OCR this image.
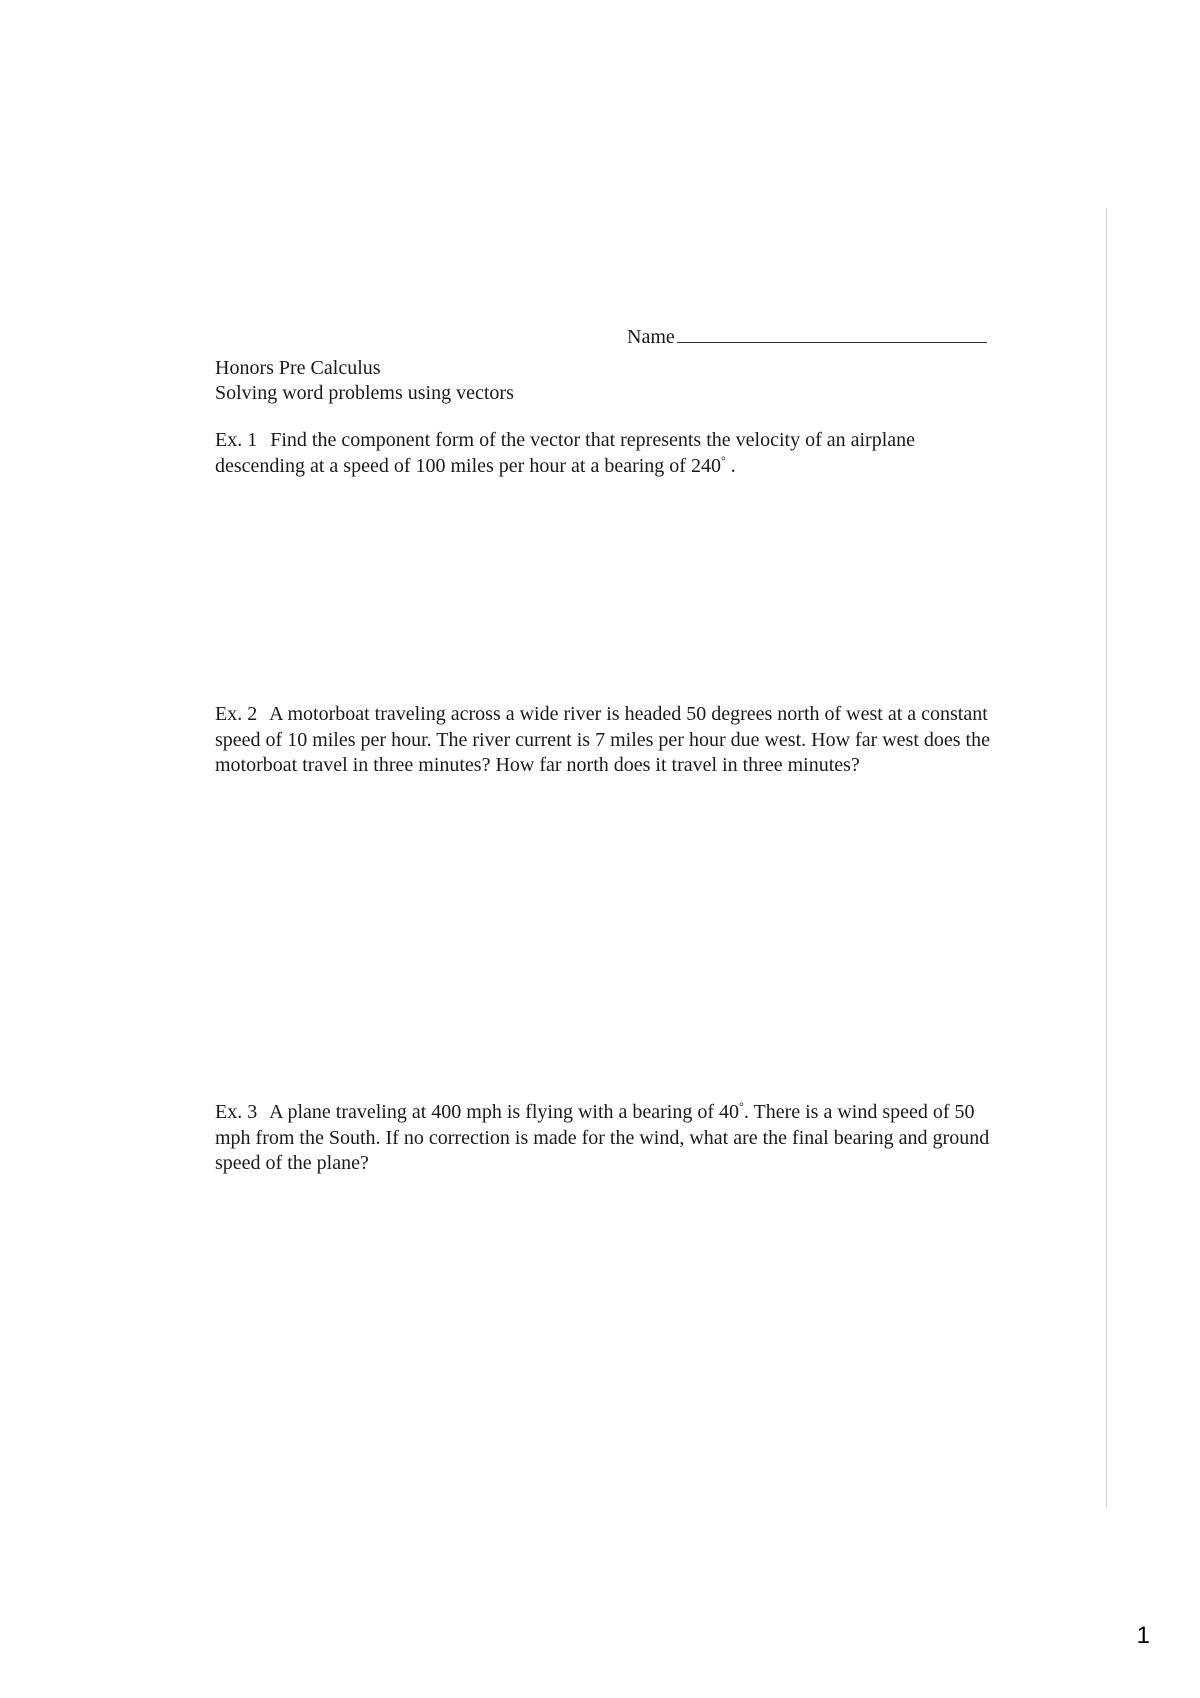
Name
Honors Pre Calculus
Solving word problems using vectors
Ex. 1 Find the component form of the vector that represents the velocity of an airplane descending at a speed of 100 miles per hour at a bearing of 240° .
Ex. 2 A motorboat traveling across a wide river is headed 50 degrees north of west at a constant speed of 10 miles per hour. The river current is 7 miles per hour due west. How far west does the motorboat travel in three minutes? How far north does it travel in three minutes?
Ex. 3 A plane traveling at 400 mph is flying with a bearing of 40°. There is a wind speed of 50 mph from the South. If no correction is made for the wind, what are the final bearing and ground speed of the plane?
1
